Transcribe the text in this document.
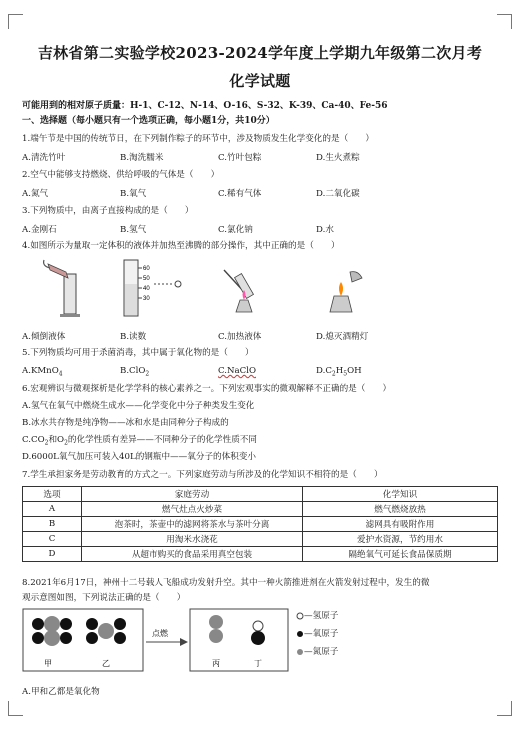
吉林省第二实验学校2023-2024学年度上学期九年级第二次月考
化学试题
可能用到的相对原子质量：H-1、C-12、N-14、O-16、S-32、K-39、Ca-40、Fe-56
一、选择题（每小题只有一个选项正确，每小题1分，共10分）
1.端午节是中国的传统节日，在下列制作粽子的环节中，涉及物质发生化学变化的是（　　）
A.清洗竹叶	B.淘洗糯米	C.竹叶包粽	D.生火煮粽
2.空气中能够支持燃烧、供给呼吸的气体是（　　）
A.氮气	B.氧气	C.稀有气体	D.二氧化碳
3.下列物质中，由离子直接构成的是（　　）
A.金刚石	B.氢气	C.氯化钠	D.水
4.如图所示为量取一定体积的液体并加热至沸腾的部分操作，其中正确的是（　　）
60
50
40
30
A.倾倒液体	B.读数	C.加热液体	D.熄灭酒精灯
5.下列物质均可用于杀菌消毒，其中属于氧化物的是（　　）
A.KMnO$_4$	B.ClO$_2$	C.NaClO	$D.C_2H_5OH$
6.宏观辨识与微观探析是化学学科的核心素养之一。下列宏观事实的微观解释不正确的是（　　）
A.氢气在氧气中燃烧生成水——化学变化中分子种类发生变化
B.冰水共存物是纯净物——冰和水是由同种分子构成的
$C.CO_2$和$O_2$的化学性质有差异——不同种分子的化学性质不同
D.6000L氧气加压可装入40L的钢瓶中——氧分子的体积变小
7.学生承担家务是劳动教育的方式之一。下列家庭劳动与所涉及的化学知识不相符的是（　　）
选项	家庭劳动	化学知识
A	燃气灶点火炒菜	燃气燃烧放热
B	泡茶时，茶壶中的滤网将茶水与茶叶分离	滤网具有吸附作用
C	用淘米水浇花	爱护水资源，节约用水
D	从超市购买的食品采用真空包装	隔绝氧气可延长食品保质期
8.2021年6月17日，神州十二号载人飞船成功发射升空。其中一种火箭推进剂在火箭发射过程中，发生的微
观示意图如图，下列说法正确的是（　　）
甲	乙
点燃
丙	丁
—氢原子
—氧原子
—氮原子
A.甲和乙都是氧化物
